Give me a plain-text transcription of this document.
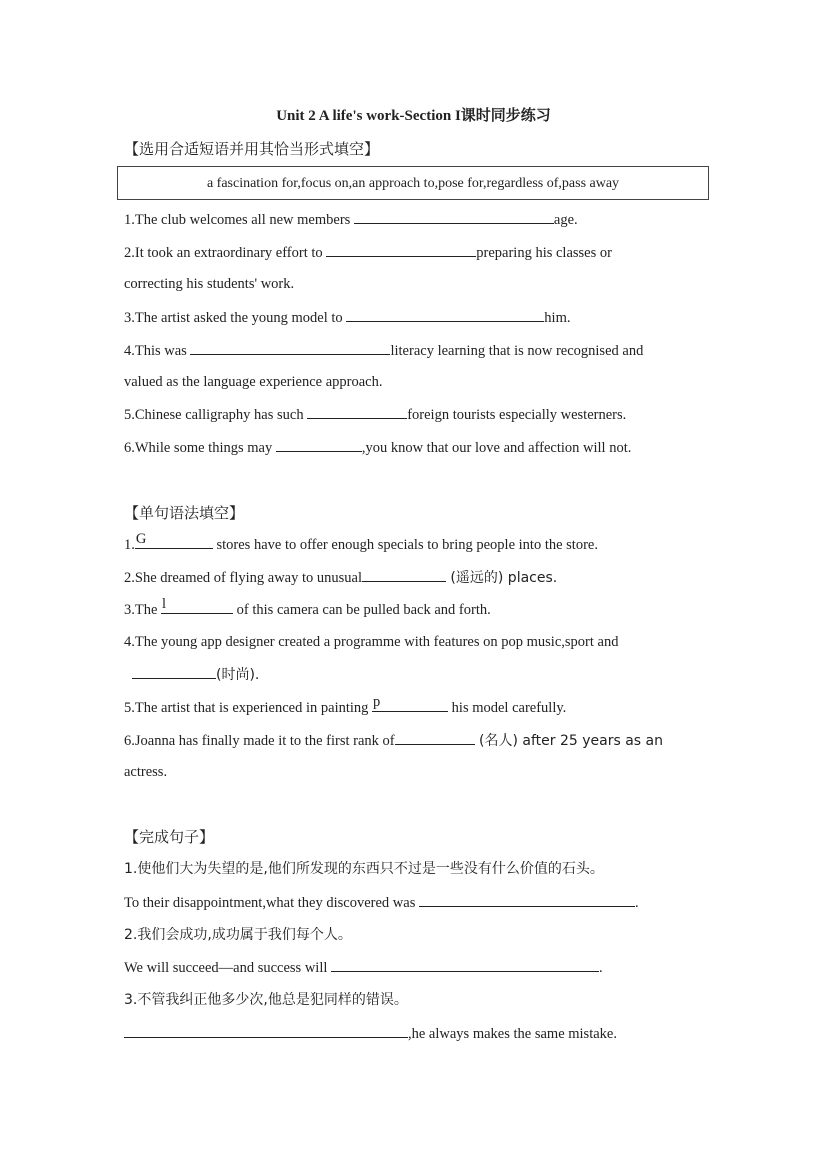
Unit 2 A life's work-Section I课时同步练习
【选用合适短语并用其恰当形式填空】
a fascination for,focus on,an approach to,pose for,regardless of,pass away
1.The club welcomes all new members	age.
2.It took an extraordinary effort to	preparing his classes or
correcting his students' work.
3.The artist asked the young model to	him.
4.This was	literacy learning that is now recognised and
valued as the language experience approach.
5.Chinese calligraphy has such	foreign tourists especially westerners.
6.While some things may	,you know that our love and affection will not.
【单句语法填空】
1. G	stores have to offer enough specials to bring people into the store.
2.She dreamed of flying away to unusual	(遥远的) places.
3.The l	of this camera can be pulled back and forth.
4.The young app designer created a programme with features on pop music,sport and
(时尚).
5.The artist that is experienced in painting p	his model carefully.
6.Joanna has finally made it to the first rank of	(名人) after 25 years as an
actress.
【完成句子】
1.使他们大为失望的是,他们所发现的东西只不过是一些没有什么价值的石头。
To their disappointment,what they discovered was	.
2.我们会成功,成功属于我们每个人。
We will succeed—and success will	.
3.不管我纠正他多少次,他总是犯同样的错误。
,he always makes the same mistake.
